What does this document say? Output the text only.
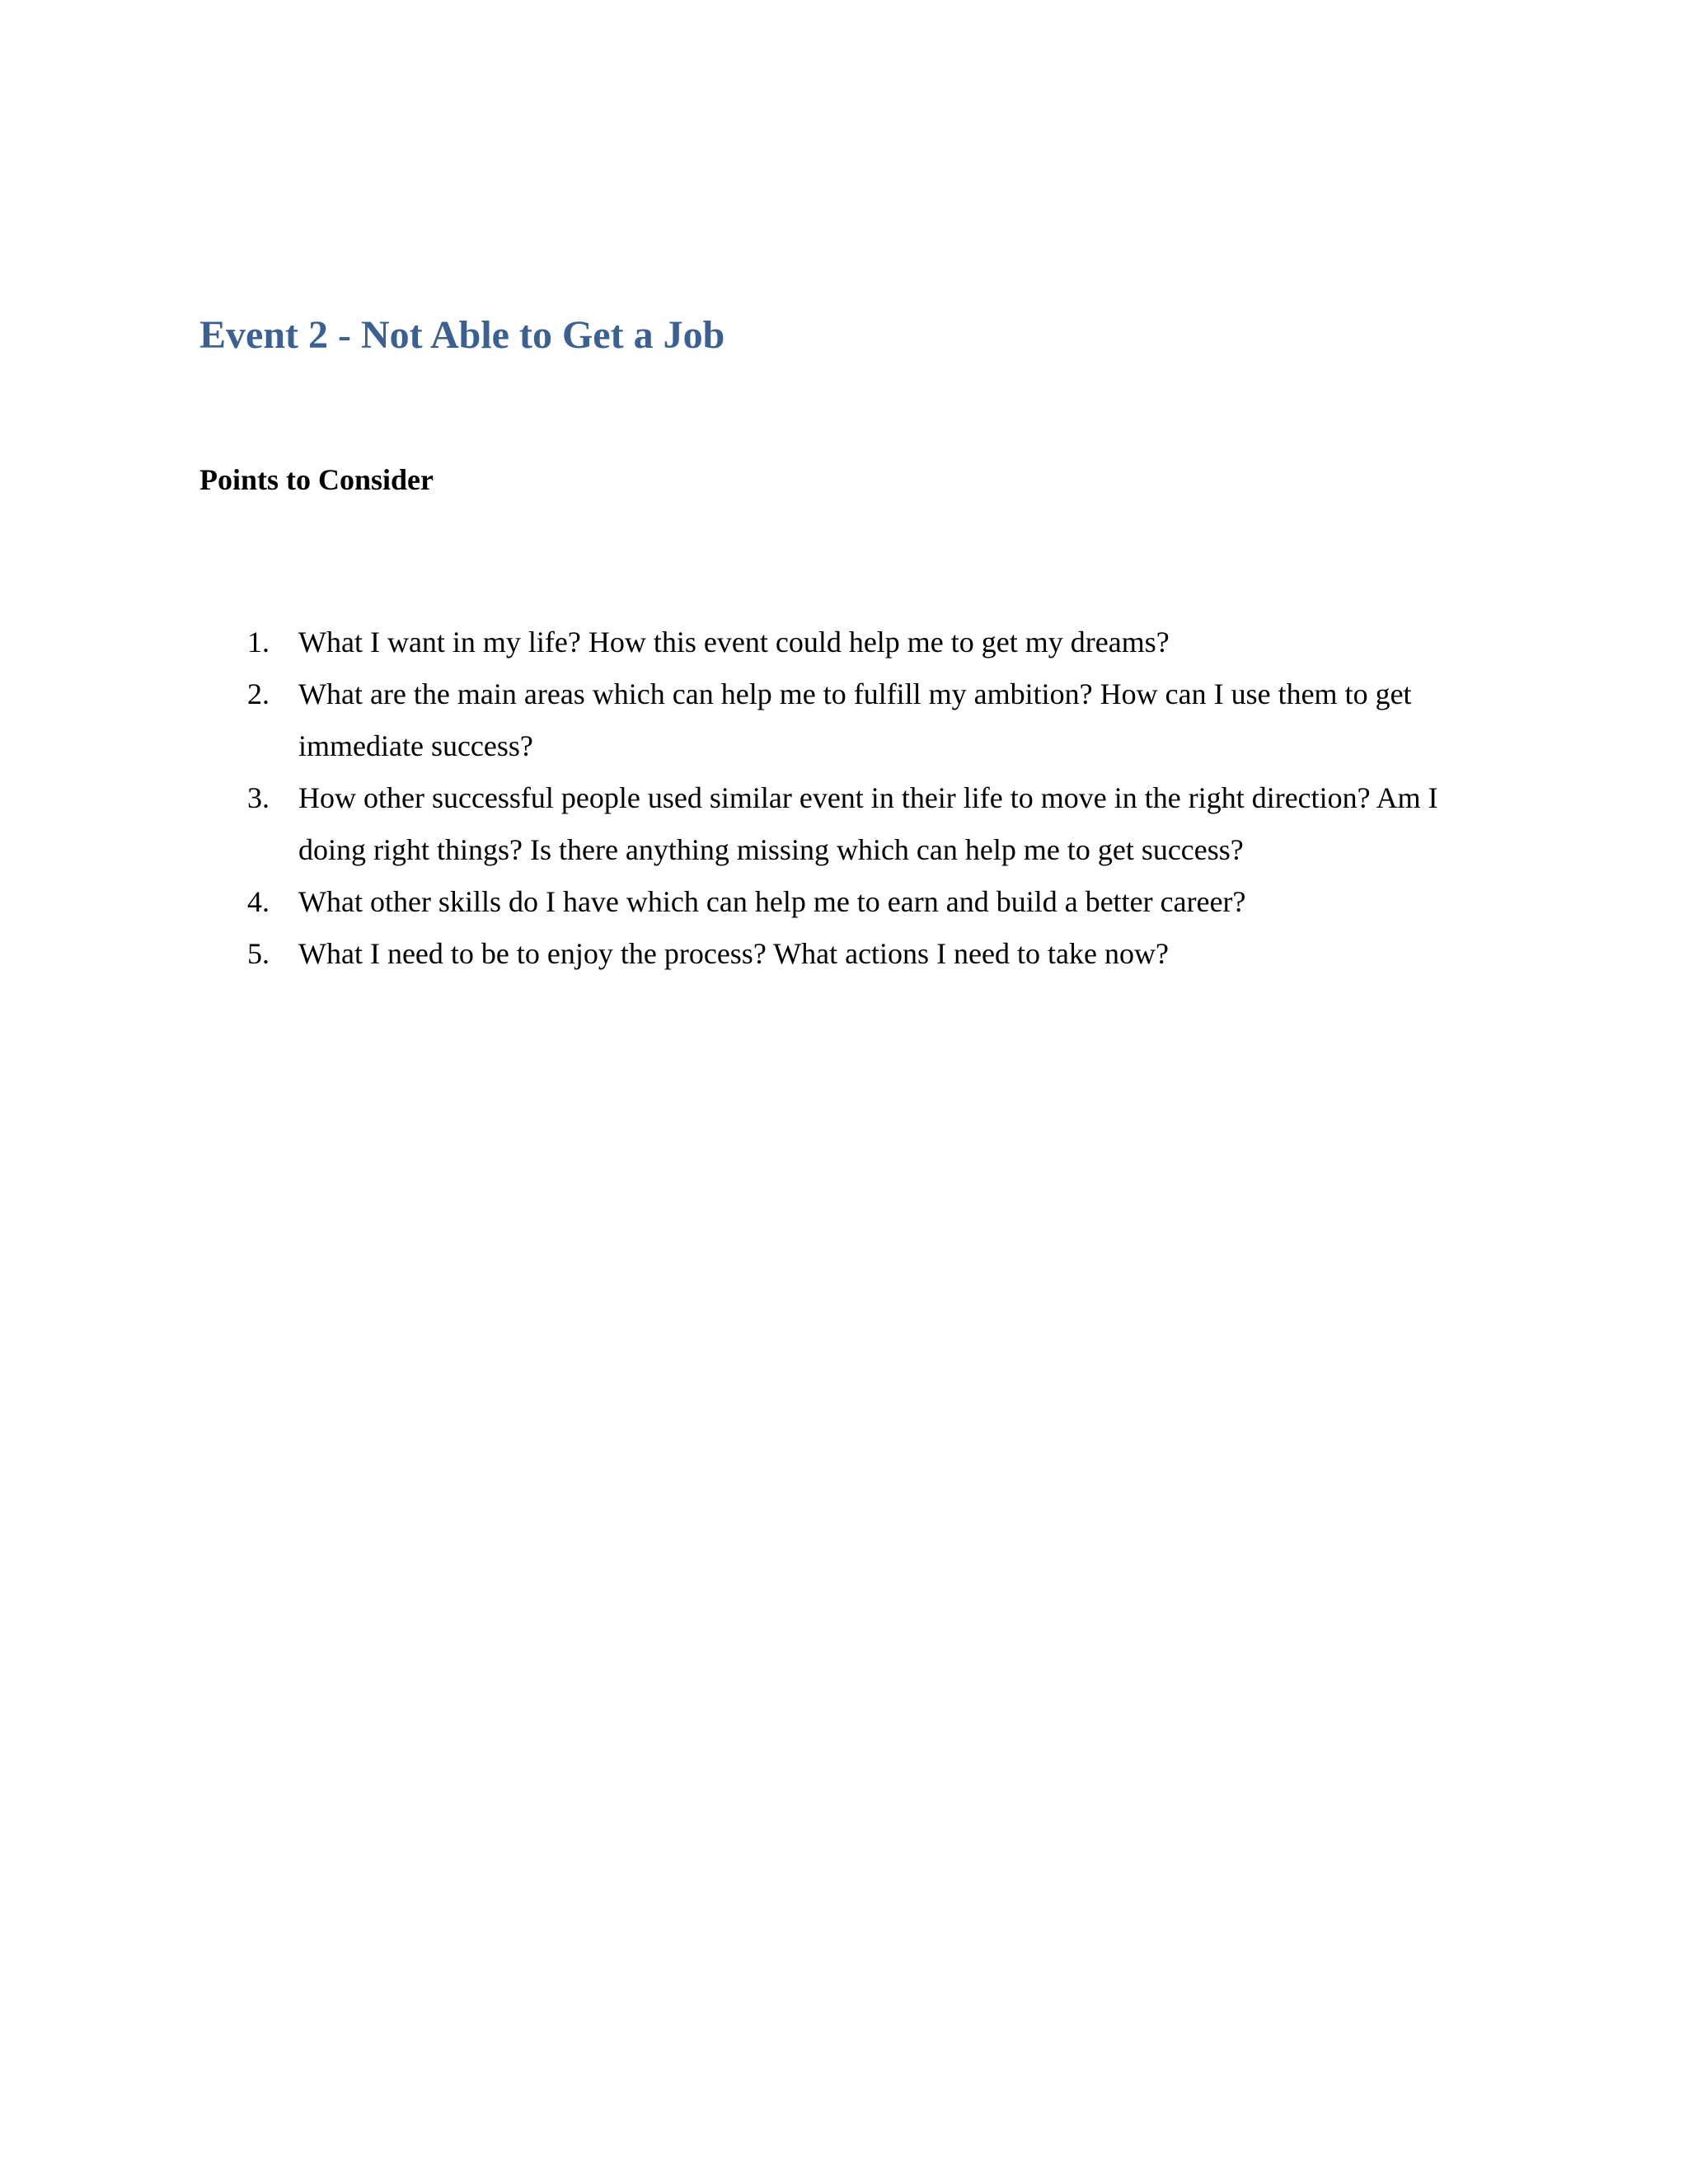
Event 2 - Not Able to Get a Job
Points to Consider
1. What I want in my life? How this event could help me to get my dreams?
2. What are the main areas which can help me to fulfill my ambition? How can I use them to get immediate success?
3. How other successful people used similar event in their life to move in the right direction? Am I doing right things? Is there anything missing which can help me to get success?
4. What other skills do I have which can help me to earn and build a better career?
5. What I need to be to enjoy the process? What actions I need to take now?
